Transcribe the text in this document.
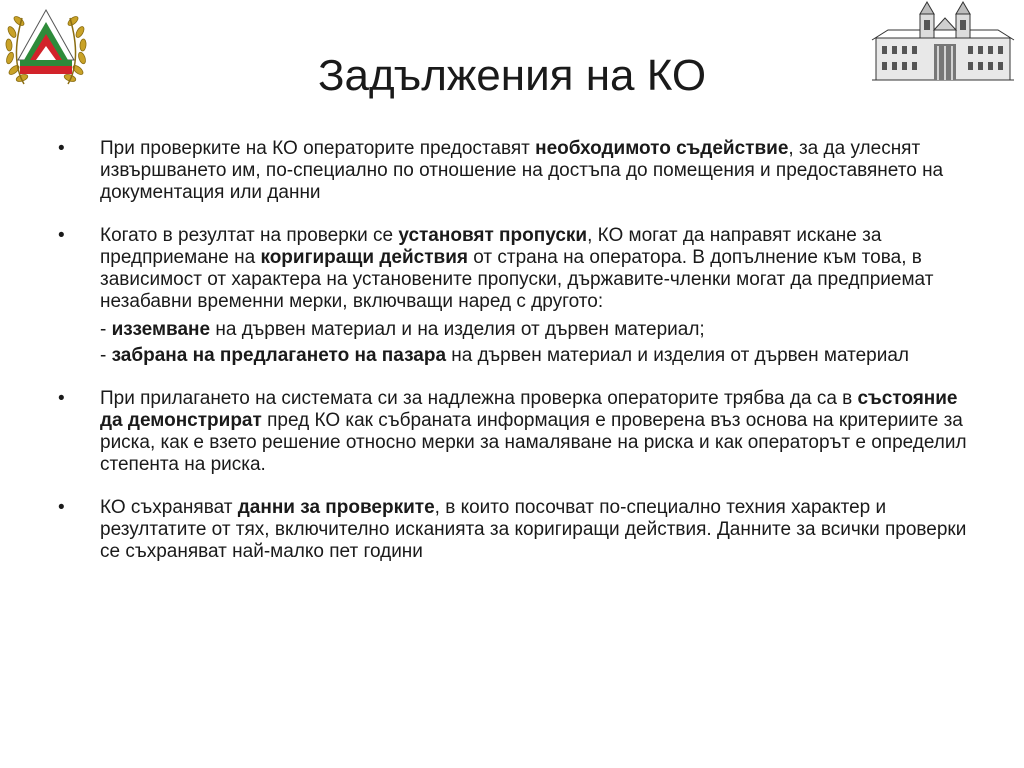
Задължения на КО
•	При проверките на КО операторите предоставят необходимото съдействие, за да улеснят извършването им, по-специално по отношение на достъпа до помещения и предоставянето на документация или данни
•	Когато в резултат на проверки се установят пропуски, КО могат да направят искане за предприемане на коригиращи действия от страна на оператора. В допълнение към това, в зависимост от характера на установените пропуски, държавите-членки могат да предприемат незабавни временни мерки, включващи наред с другото:
- изземване на дървен материал и на изделия от дървен материал;
- забрана на предлагането на пазара на дървен материал и изделия от дървен материал
•	При прилагането на системата си за надлежна проверка операторите трябва да са в състояние да демонстрират пред КО как събраната информация е проверена въз основа на критериите за риска, как е взето решение относно мерки за намаляване на риска и как операторът е определил степента на риска.
•	КО съхраняват данни за проверките, в които посочват по-специално техния характер и резултатите от тях, включително исканията за коригиращи действия. Данните за всички проверки се съхраняват най-малко пет години
